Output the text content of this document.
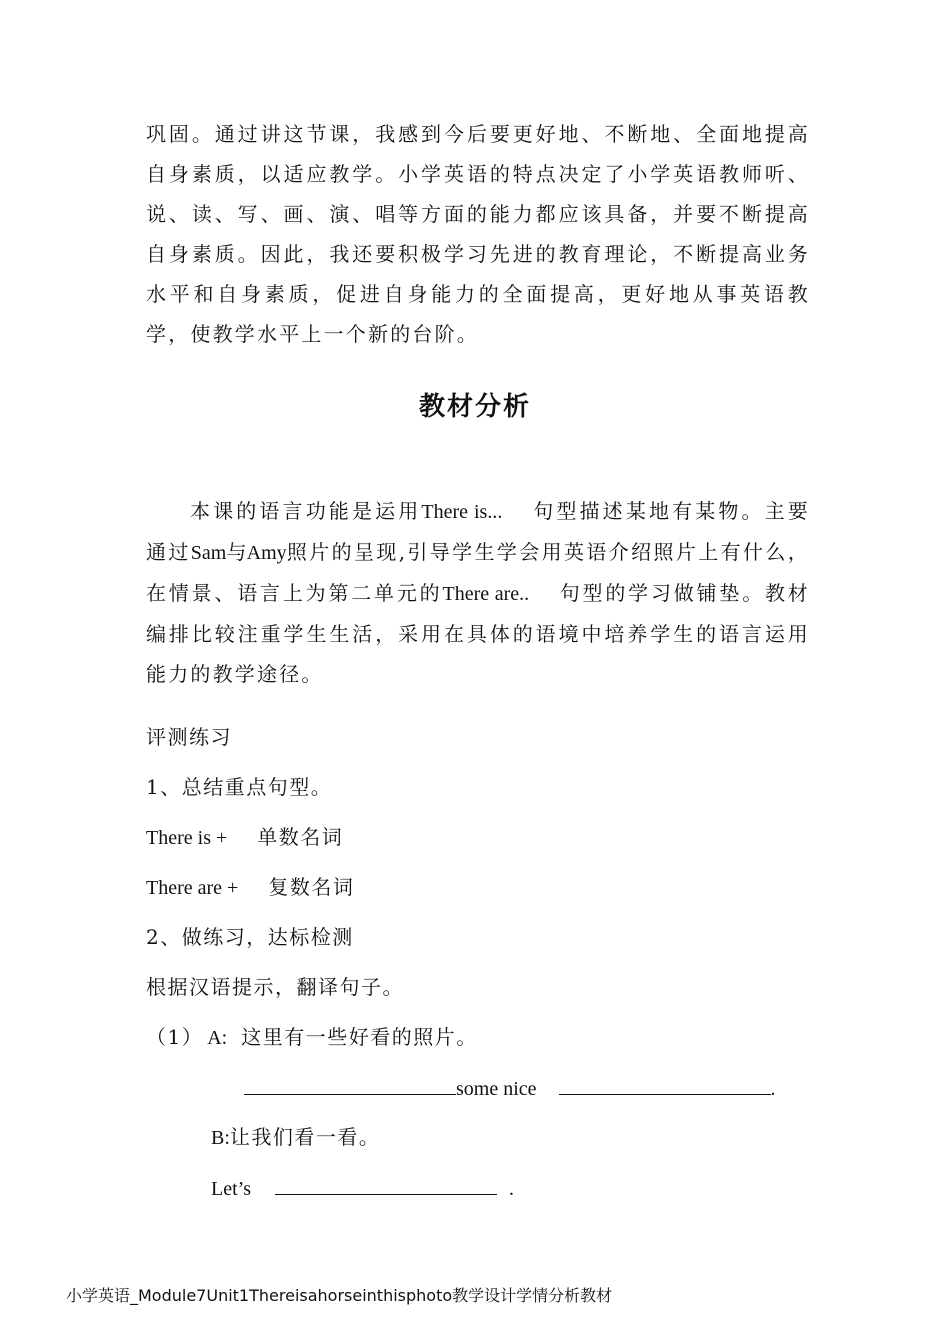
巩固。通过讲这节课，我感到今后要更好地、不断地、全面地提高自身素质，以适应教学。小学英语的特点决定了小学英语教师听、说、读、写、画、演、唱等方面的能力都应该具备，并要不断提高自身素质。因此，我还要积极学习先进的教育理论，不断提高业务水平和自身素质，促进自身能力的全面提高，更好地从事英语教学，使教学水平上一个新的台阶。

教材分析

本课的语言功能是运用There is... 句型描述某地有某物。主要通过Sam与Amy照片的呈现,引导学生学会用英语介绍照片上有什么，在情景、语言上为第二单元的There are.. 句型的学习做铺垫。教材编排比较注重学生生活，采用在具体的语境中培养学生的语言运用能力的教学途径。

评测练习

1、总结重点句型。

There is + 单数名词

There are + 复数名词

2、做练习，达标检测

根据汉语提示，翻译句子。

（1） A: 这里有一些好看的照片。

some nice	.

B:让我们看一看。

Let’s	.

小学英语_Module7Unit1Thereisahorseinthisphoto教学设计学情分析教材
